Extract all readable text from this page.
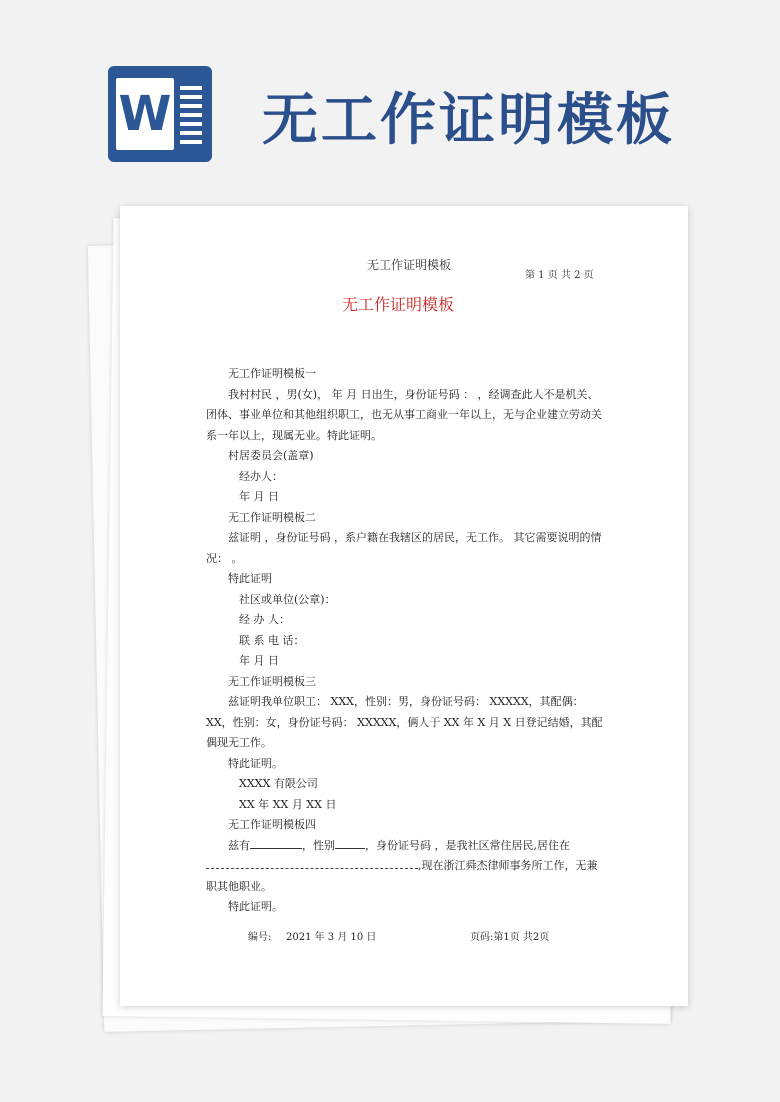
W 无工作证明模板
无工作证明模板
第 1 页 共 2 页
无工作证明模板

无工作证明模板一

我村村民 ，男(女)， 年 月 日出生，身份证号码 ： ，经调查此人不是机关、团体、事业单位和其他组织职工，也无从事工商业一年以上，无与企业建立劳动关系一年以上，现属无业。特此证明。

村居委员会(盖章)

经办人：

年 月 日

无工作证明模板二

兹证明 ，身份证号码 ，系户籍在我辖区的居民，无工作。 其它需要说明的情况： 。

特此证明

社区或单位(公章)：

经 办 人：

联 系 电 话：

年 月 日

无工作证明模板三

兹证明我单位职工： XXX，性别：男，身份证号码： XXXXX，其配偶： XX，性别：女，身份证号码： XXXXX，俩人于 XX 年 X 月 X 日登记结婚，其配偶现无工作。

特此证明。

XXXX 有限公司

XX 年 XX 月 XX 日

无工作证明模板四

兹有	，性别	，身份证号码 ，是我社区常住居民,居住在,现在浙江舜杰律师事务所工作，无兼职其他职业。

特此证明。

编号: 2021 年 3 月 10 日	页码:第1页 共2页
